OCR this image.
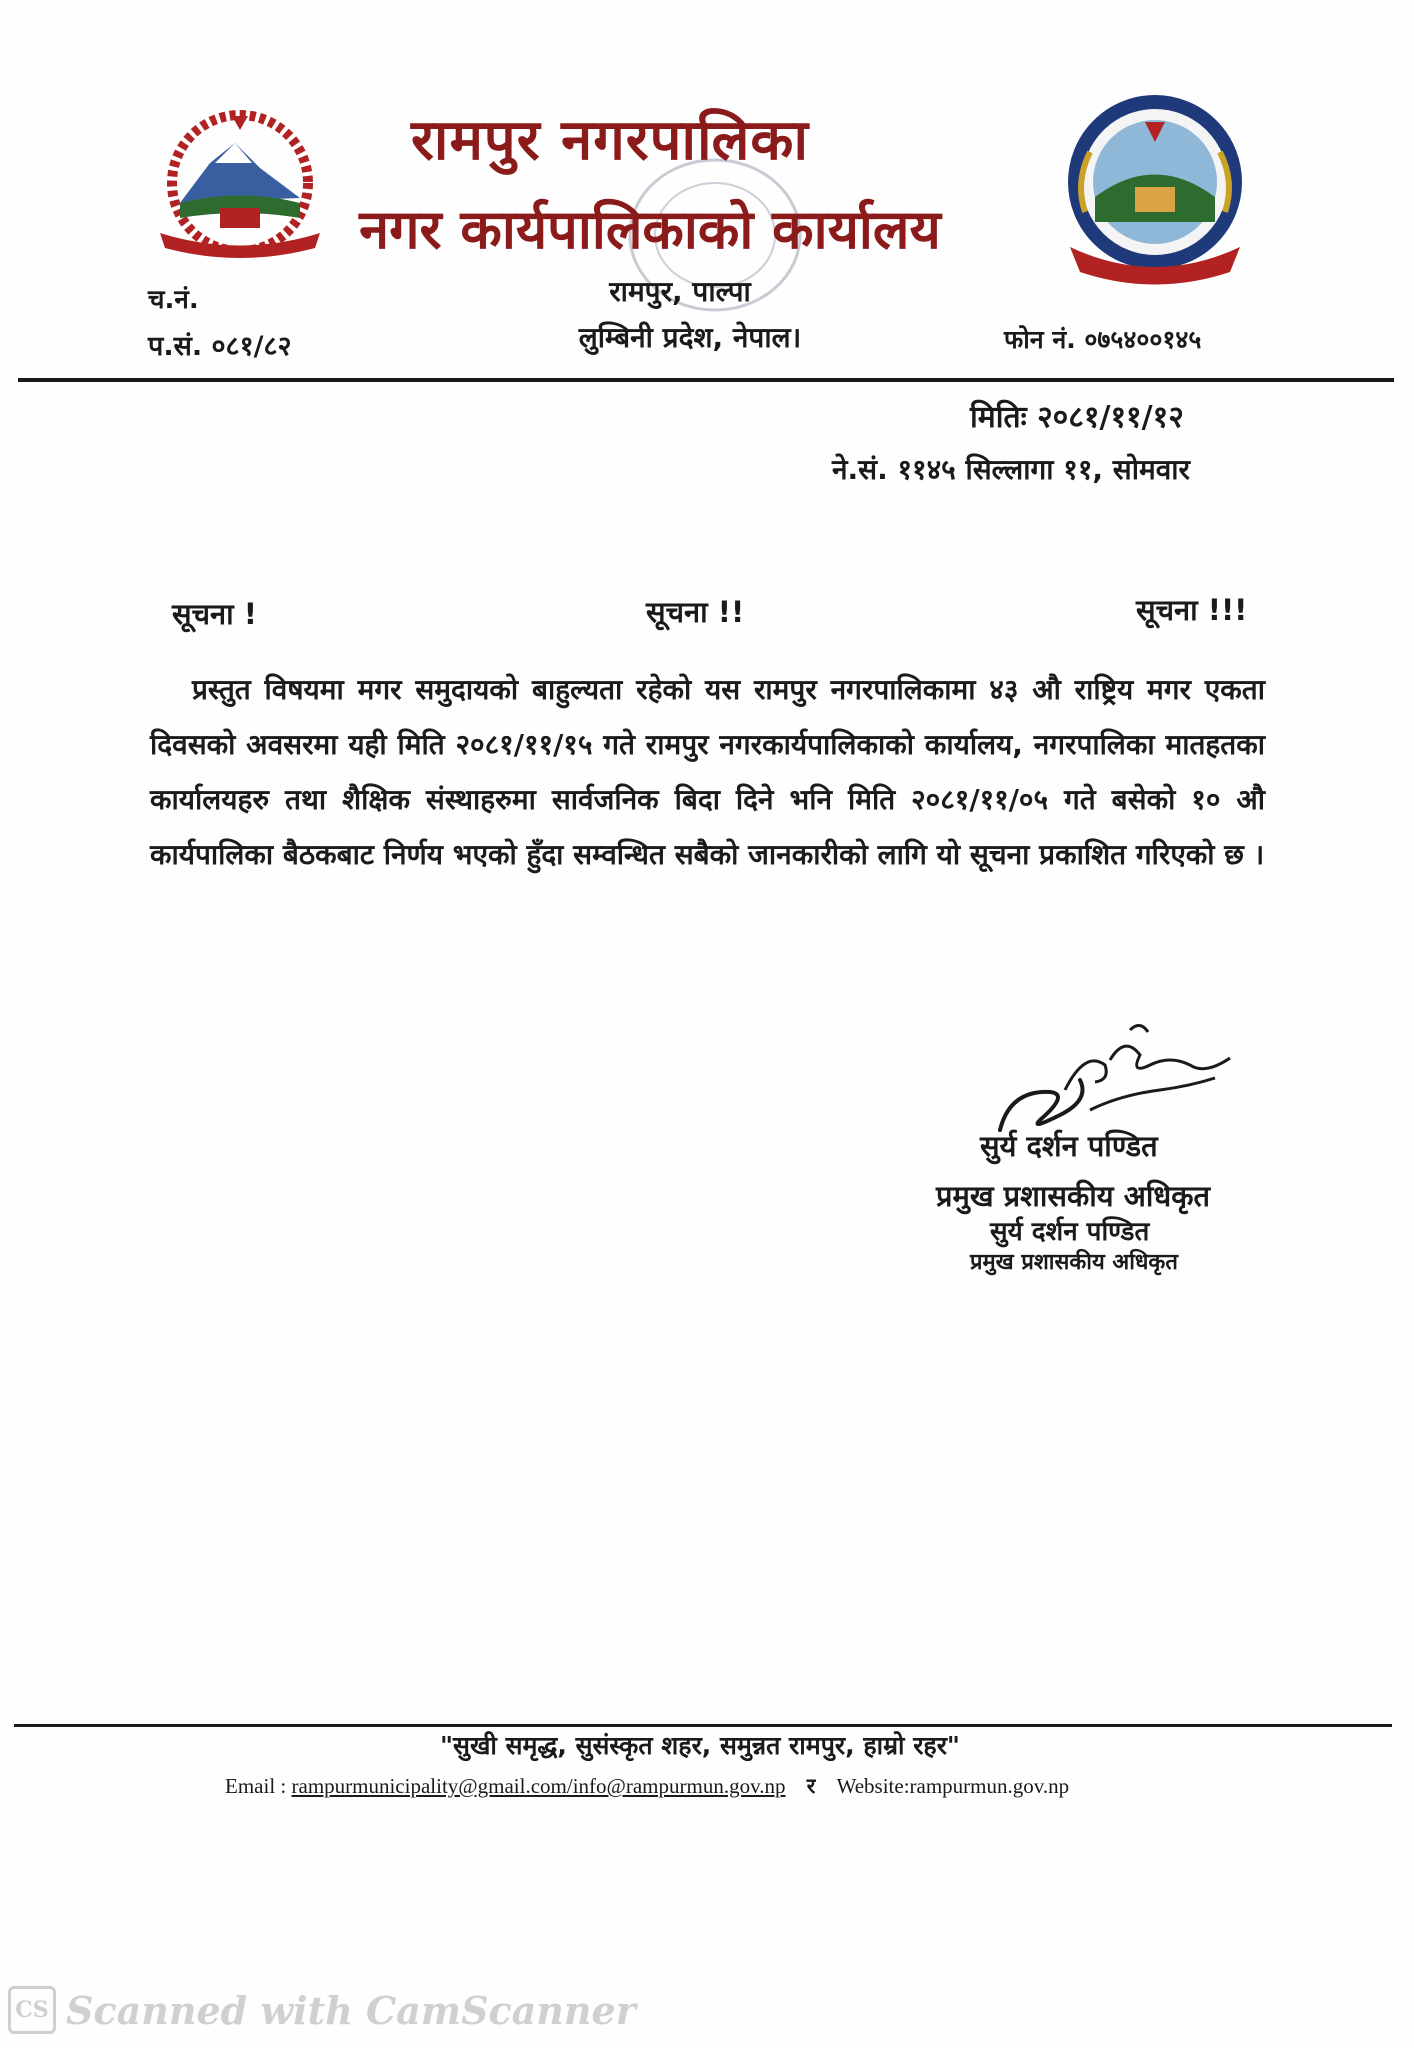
रामपुर नगरपालिका
नगर कार्यपालिकाको कार्यालय
रामपुर, पाल्पा
लुम्बिनी प्रदेश, नेपाल।
च.नं.
प.सं. ०८१/८२	फोन नं. ०७५४००१४५
मितिः २०८१/११/१२
ने.सं. ११४५ सिल्लागा ११, सोमवार
सूचना !	सूचना !!	सूचना !!!
प्रस्तुत विषयमा मगर समुदायको बाहुल्यता रहेको यस रामपुर नगरपालिकामा ४३ औ राष्ट्रिय मगर एकता दिवसको अवसरमा यही मिति २०८१/११/१५ गते रामपुर नगरकार्यपालिकाको कार्यालय, नगरपालिका मातहतका कार्यालयहरु तथा शैक्षिक संस्थाहरुमा सार्वजनिक बिदा दिने भनि मिति २०८१/११/०५ गते बसेको १० औ कार्यपालिका बैठकबाट निर्णय भएको हुँदा सम्वन्धित सबैको जानकारीको लागि यो सूचना प्रकाशित गरिएको छ ।
सुर्य दर्शन पण्डित
प्रमुख प्रशासकीय अधिकृत
सुर्य दर्शन पण्डित
प्रमुख प्रशासकीय अधिकृत
"सुखी समृद्ध, सुसंस्कृत शहर, समुन्नत रामपुर, हाम्रो रहर"
Email : rampurmunicipality@gmail.com/info@rampurmun.gov.np र Website:rampurmun.gov.np
CS Scanned with CamScanner
